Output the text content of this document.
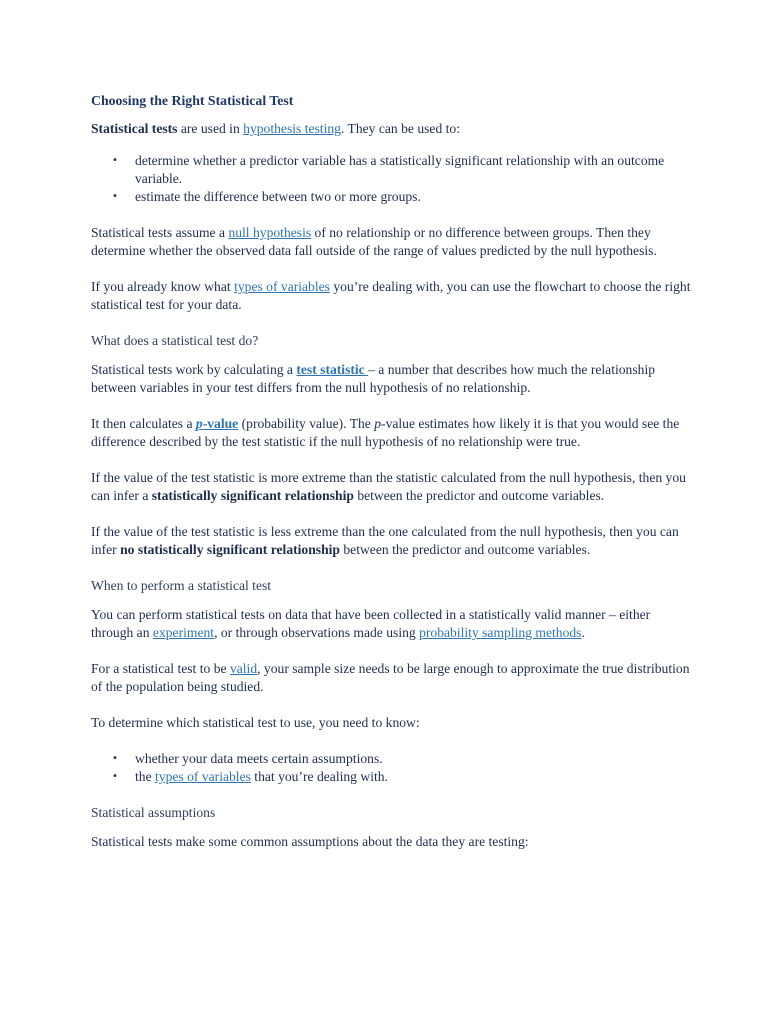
Choosing the Right Statistical Test

Statistical tests are used in hypothesis testing. They can be used to:

• determine whether a predictor variable has a statistically significant relationship with an outcome variable.
• estimate the difference between two or more groups.

Statistical tests assume a null hypothesis of no relationship or no difference between groups. Then they determine whether the observed data fall outside of the range of values predicted by the null hypothesis.

If you already know what types of variables you’re dealing with, you can use the flowchart to choose the right statistical test for your data.

What does a statistical test do?

Statistical tests work by calculating a test statistic – a number that describes how much the relationship between variables in your test differs from the null hypothesis of no relationship.

It then calculates a p-value (probability value). The p-value estimates how likely it is that you would see the difference described by the test statistic if the null hypothesis of no relationship were true.

If the value of the test statistic is more extreme than the statistic calculated from the null hypothesis, then you can infer a statistically significant relationship between the predictor and outcome variables.

If the value of the test statistic is less extreme than the one calculated from the null hypothesis, then you can infer no statistically significant relationship between the predictor and outcome variables.

When to perform a statistical test

You can perform statistical tests on data that have been collected in a statistically valid manner – either through an experiment, or through observations made using probability sampling methods.

For a statistical test to be valid, your sample size needs to be large enough to approximate the true distribution of the population being studied.

To determine which statistical test to use, you need to know:

• whether your data meets certain assumptions.
• the types of variables that you’re dealing with.
Statistical assumptions

Statistical tests make some common assumptions about the data they are testing:
